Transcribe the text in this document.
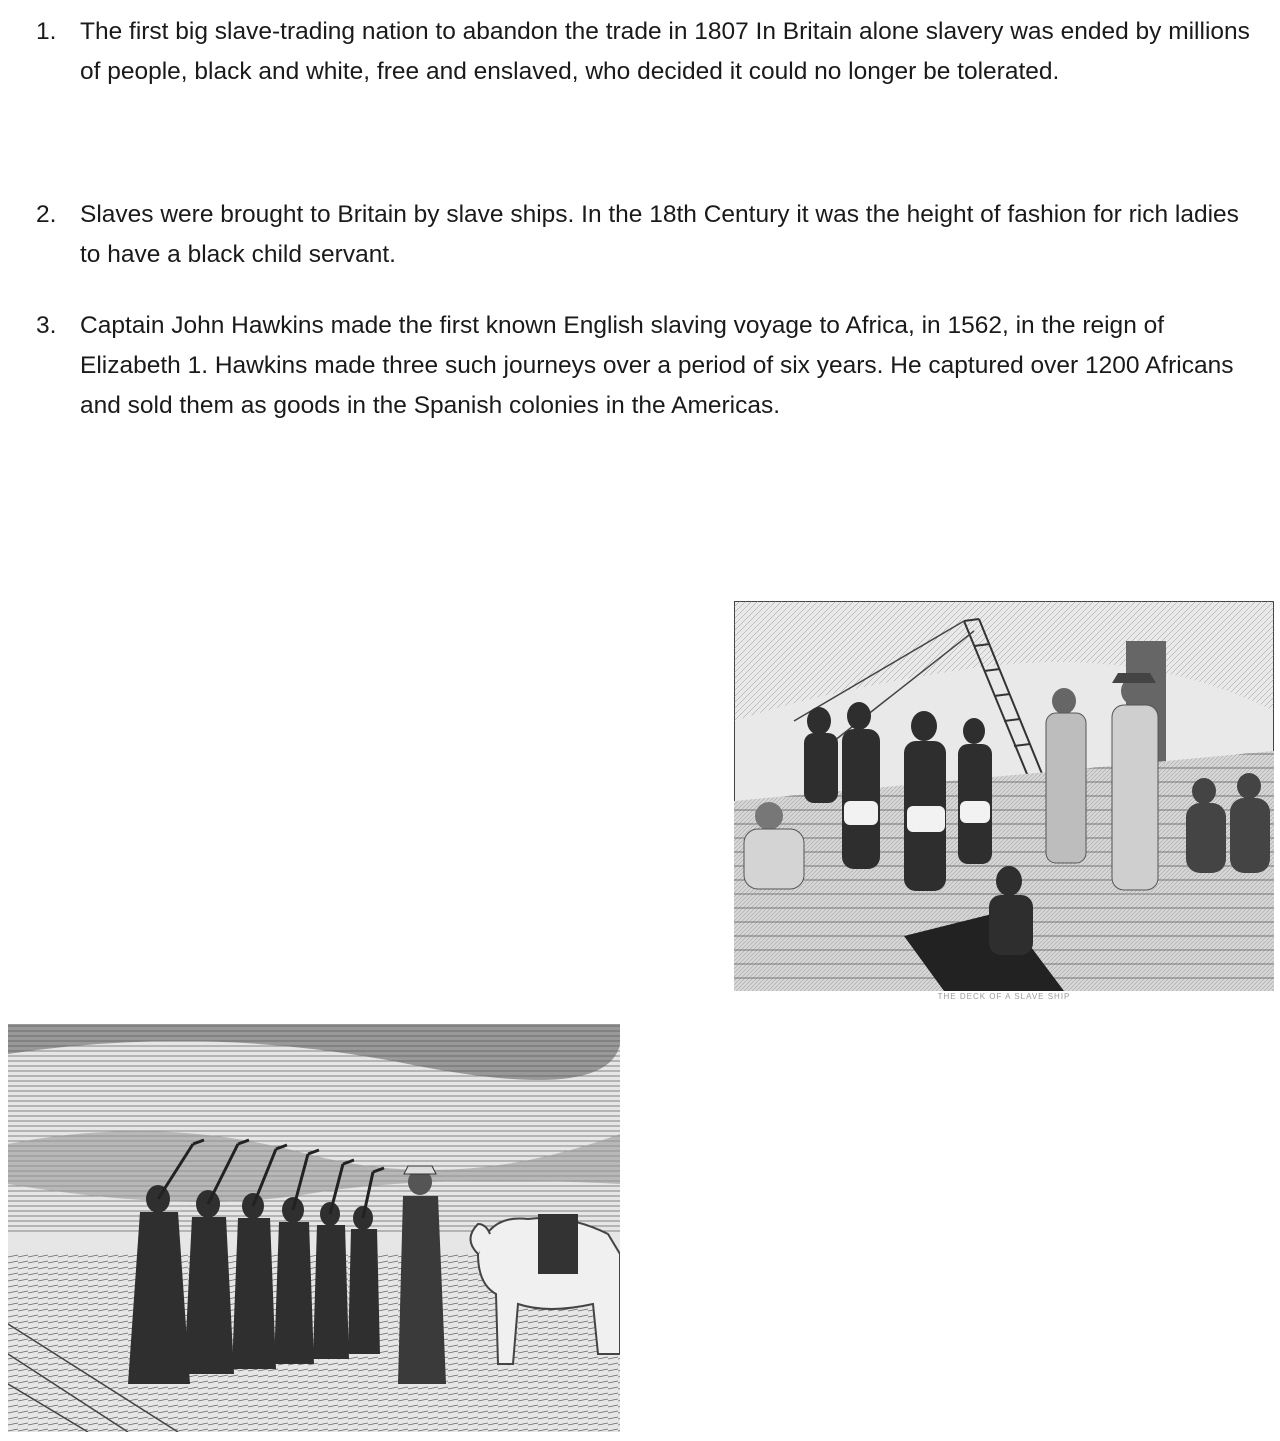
1. The first big slave-trading nation to abandon the trade in 1807 In Britain alone slavery was ended by millions of people, black and white, free and enslaved, who decided it could no longer be tolerated.
2. Slaves were brought to Britain by slave ships. In the 18th Century it was the height of fashion for rich ladies to have a black child servant.
3. Captain John Hawkins made the first known English slaving voyage to Africa, in 1562, in the reign of Elizabeth 1. Hawkins made three such journeys over a period of six years. He captured over 1200 Africans and sold them as goods in the Spanish colonies in the Americas.
THE DECK OF A SLAVE SHIP
